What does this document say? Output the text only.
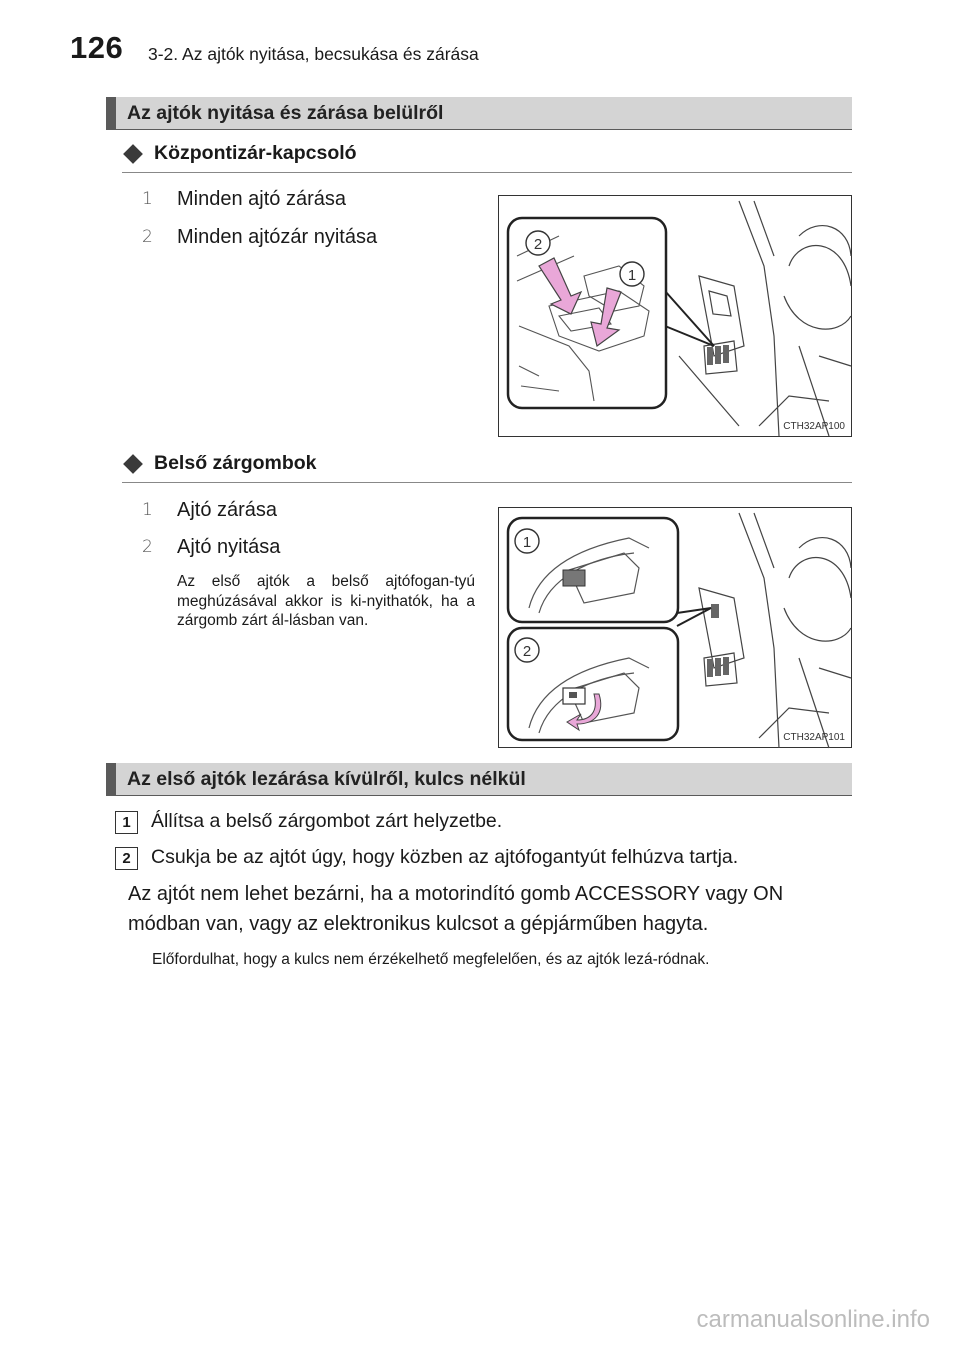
126 3-2. Az ajtók nyitása, becsukása és zárása
Az ajtók nyitása és zárása belülről
Központizár-kapcsoló
1 Minden ajtó zárása
2 Minden ajtózár nyitása	2
1
CTH32AP100
Belső zárgombok
1 Ajtó zárása
2 Ajtó nyitása
Az első ajtók a belső ajtófogan-tyú meghúzásával akkor is ki-nyithatók, ha a zárgomb zárt ál-lásban van.
1
2
CTH32AP101
Az első ajtók lezárása kívülről, kulcs nélkül
1	Állítsa a belső zárgombot zárt helyzetbe.
2	Csukja be az ajtót úgy, hogy közben az ajtófogantyút felhúzva tartja.
Az ajtót nem lehet bezárni, ha a motorindító gomb ACCESSORY vagy ON módban van, vagy az elektronikus kulcsot a gépjárműben hagyta.
Előfordulhat, hogy a kulcs nem érzékelhető megfelelően, és az ajtók lezá-ródnak.
carmanualsonline.info
